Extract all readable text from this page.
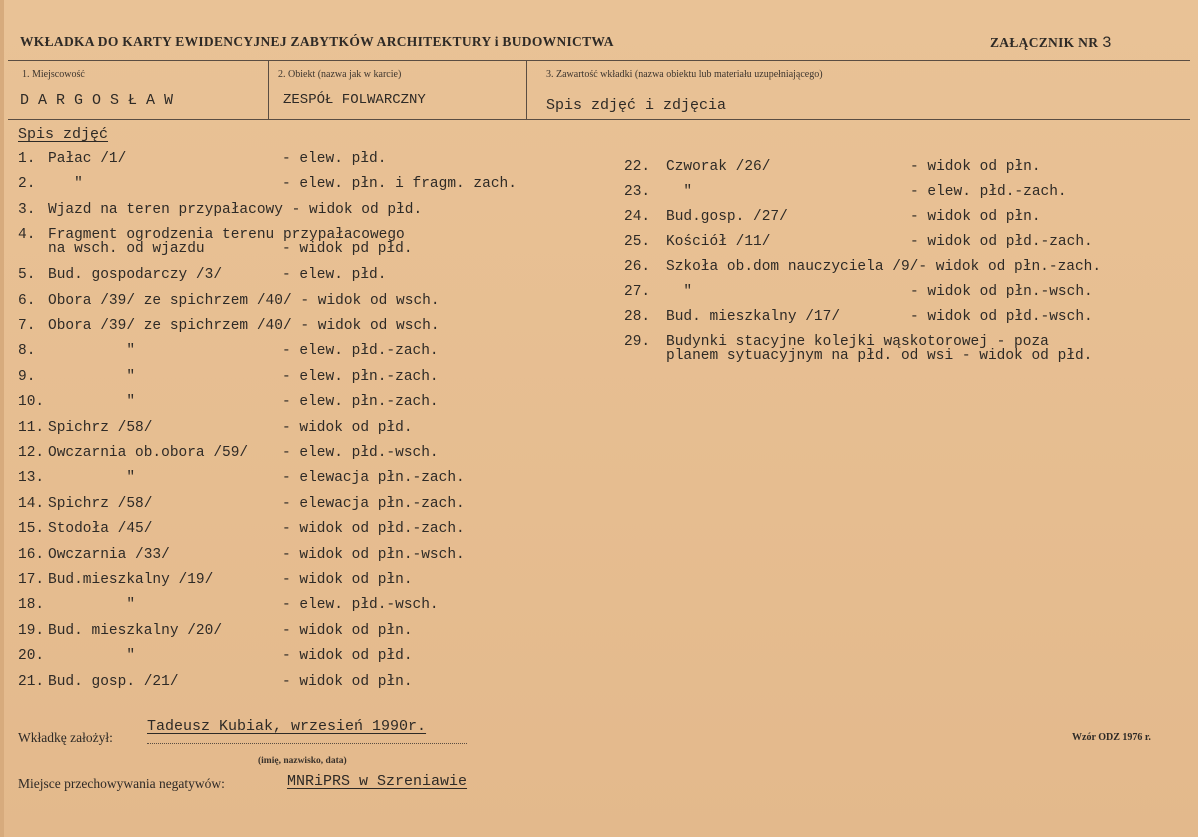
WKŁADKA DO KARTY EWIDENCYJNEJ ZABYTKÓW ARCHITEKTURY i BUDOWNICTWA	ZAŁĄCZNIK NR 3
1. Miejscowość
D A R G O S Ł A W
2. Obiekt (nazwa jak w karcie)
ZESPÓŁ FOLWARCZNY
3. Zawartość wkładki (nazwa obiektu lub materiału uzupełniającego)
Spis zdjęć i zdjęcia
Spis zdjęć
1. Pałac /1/	- elew. płd.
2. "	- elew. płn. i fragm. zach.
3. Wjazd na teren przypałacowy - widok od płd.
4. Fragment ogrodzenia terenu przypałacowego
na wsch. od wjazdu	- widok pd płd.
5. Bud. gospodarczy /3/	- elew. płd.
6. Obora /39/ ze spichrzem /40/ - widok od wsch.
7. Obora /39/ ze spichrzem /40/ - widok od wsch.
8. "	- elew. płd.-zach.
9. "	- elew. płn.-zach.
10. "	- elew. płn.-zach.
11. Spichrz /58/	- widok od płd.
12. Owczarnia ob.obora /59/ - elew. płd.-wsch.
13. "	- elewacja płn.-zach.
14. Spichrz /58/	- elewacja płn.-zach.
15. Stodoła /45/	- widok od płd.-zach.
16. Owczarnia /33/	- widok od płn.-wsch.
17. Bud.mieszkalny /19/	- widok od płn.
18. "	- elew. płd.-wsch.
19. Bud. mieszkalny /20/	- widok od płn.
20. "	- widok od płd.
21. Bud. gosp. /21/	- widok od płn.
22. Czworak /26/	- widok od płn.
23. "	- elew. płd.-zach.
24. Bud.gosp. /27/	- widok od płn.
25. Kościół /11/	- widok od płd.-zach.
26. Szkoła ob.dom nauczyciela /9/- widok od płn.-zach.
27. "	- widok od płn.-wsch.
28. Bud. mieszkalny /17/	- widok od płd.-wsch.
29. Budynki stacyjne kolejki wąskotorowej - poza
planem sytuacyjnym na płd. od wsi - widok od płd.
Wkładkę założył:
Tadeusz Kubiak, wrzesień 1990r.
(imię, nazwisko, data)
Wzór ODZ 1976 r.
Miejsce przechowywania negatywów:	MNRiPRS w Szreniawie
